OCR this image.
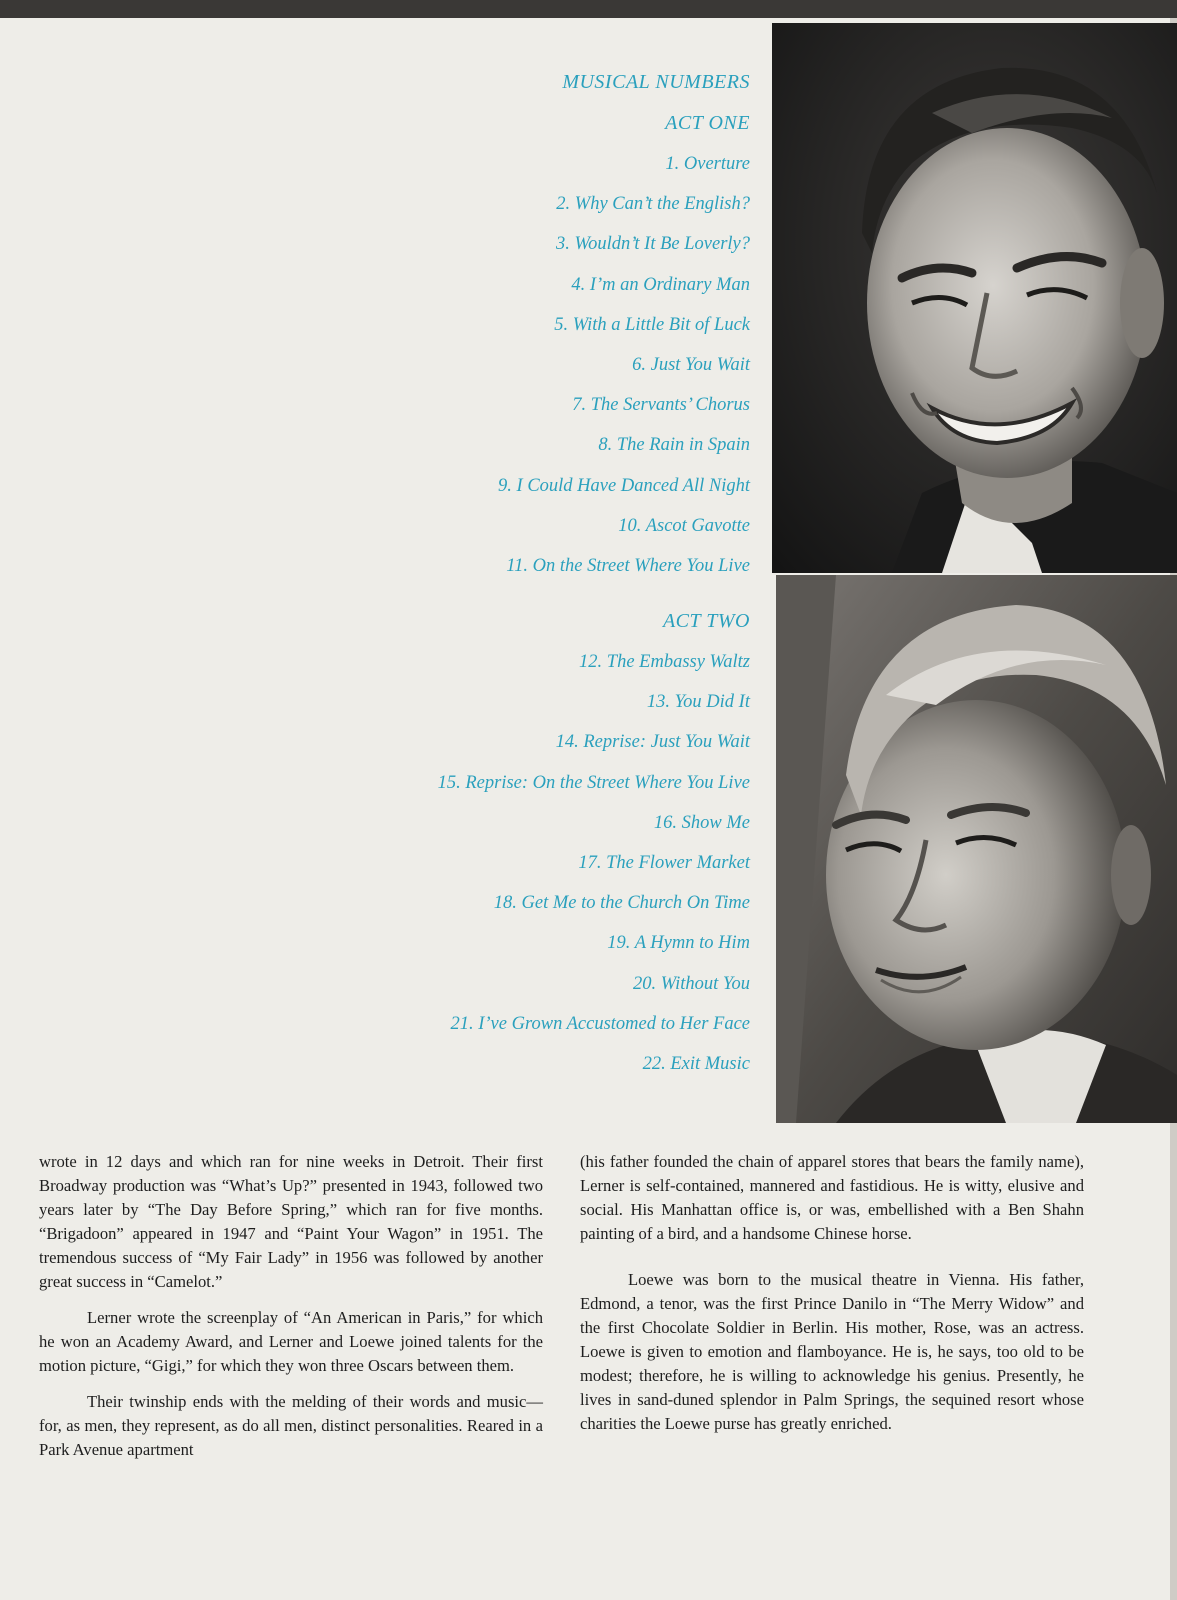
MUSICAL NUMBERS
ACT ONE
1. Overture
2. Why Can’t the English?
3. Wouldn’t It Be Loverly?
4. I’m an Ordinary Man
5. With a Little Bit of Luck
6. Just You Wait
7. The Servants’ Chorus
8. The Rain in Spain
9. I Could Have Danced All Night
10. Ascot Gavotte
11. On the Street Where You Live
ACT TWO
12. The Embassy Waltz
13. You Did It
14. Reprise: Just You Wait
15. Reprise: On the Street Where You Live
16. Show Me
17. The Flower Market
18. Get Me to the Church On Time
19. A Hymn to Him
20. Without You
21. I’ve Grown Accustomed to Her Face
22. Exit Music

wrote in 12 days and which ran for nine weeks in Detroit. Their first Broadway production was “What’s Up?” presented in 1943, followed two years later by “The Day Before Spring,” which ran for five months. “Brigadoon” appeared in 1947 and “Paint Your Wagon” in 1951. The tremendous success of “My Fair Lady” in 1956 was followed by another great success in “Camelot.”

Lerner wrote the screenplay of “An American in Paris,” for which he won an Academy Award, and Lerner and Loewe joined talents for the motion picture, “Gigi,” for which they won three Oscars between them.

Their twinship ends with the melding of their words and music—for, as men, they represent, as do all men, distinct personalities. Reared in a Park Avenue apartment

(his father founded the chain of apparel stores that bears the family name), Lerner is self-contained, mannered and fastidious. He is witty, elusive and social. His Manhattan office is, or was, embellished with a Ben Shahn painting of a bird, and a handsome Chinese horse.

Loewe was born to the musical theatre in Vienna. His father, Edmond, a tenor, was the first Prince Danilo in “The Merry Widow” and the first Chocolate Soldier in Berlin. His mother, Rose, was an actress. Loewe is given to emotion and flamboyance. He is, he says, too old to be modest; therefore, he is willing to acknowledge his genius. Presently, he lives in sand-duned splendor in Palm Springs, the sequined resort whose charities the Loewe purse has greatly enriched.
